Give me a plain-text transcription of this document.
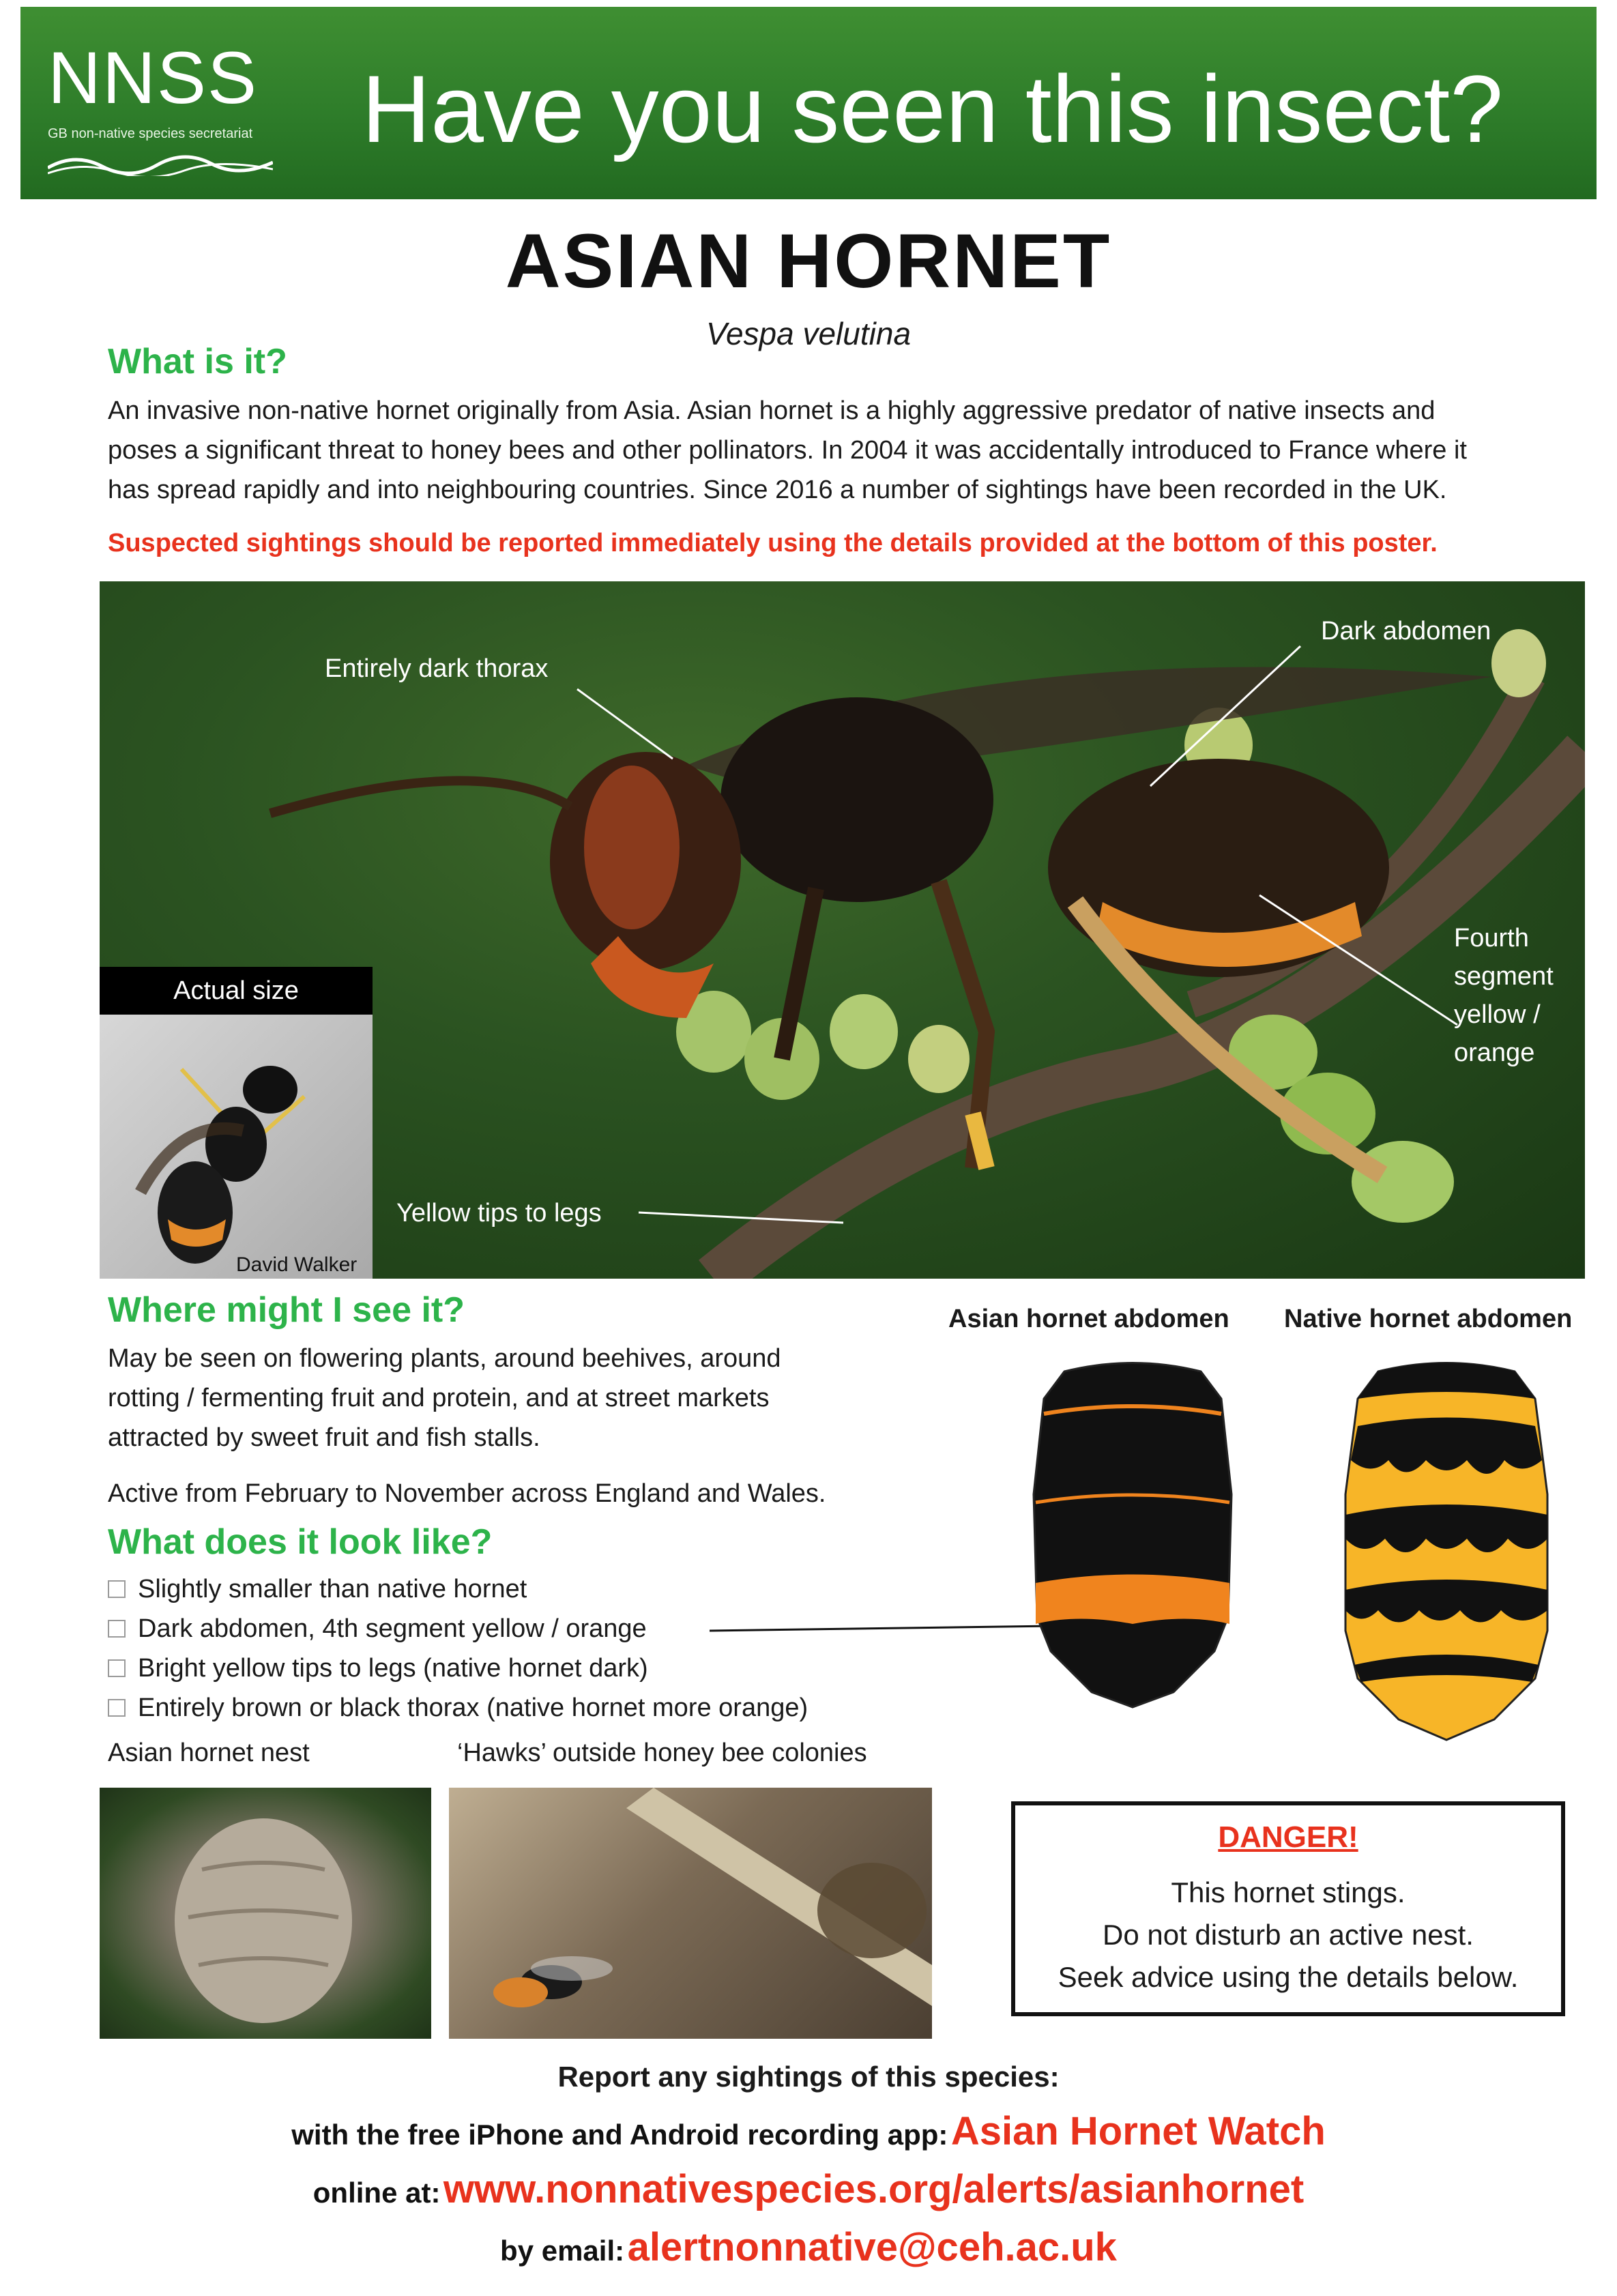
NNSS
GB non-native species secretariat Have you seen this insect?
ASIAN HORNET
Vespa velutina
What is it?
An invasive non-native hornet originally from Asia. Asian hornet is a highly aggressive predator of native insects and
poses a significant threat to honey bees and other pollinators. In 2004 it was accidentally introduced to France where it
has spread rapidly and into neighbouring countries. Since 2016 a number of sightings have been recorded in the UK.
Suspected sightings should be reported immediately using the details provided at the bottom of this poster.
Entirely dark thorax
Dark abdomen
Fourth
segment
yellow /
orange
Yellow tips to legs
Actual size
David Walker
Where might I see it?
May be seen on flowering plants, around beehives, around
rotting / fermenting fruit and protein, and at street markets
attracted by sweet fruit and fish stalls.
Active from February to November across England and Wales.
What does it look like?
Slightly smaller than native hornet
Dark abdomen, 4th segment yellow / orange
Bright yellow tips to legs (native hornet dark)
Entirely brown or black thorax (native hornet more orange)
Asian hornet abdomen Native hornet abdomen
Asian hornet nest	‘Hawks’ outside honey bee colonies
DANGER!
This hornet stings.
Do not disturb an active nest.
Seek advice using the details below.
Report any sightings of this species:
with the free iPhone and Android recording app: Asian Hornet Watch
online at: www.nonnativespecies.org/alerts/asianhornet
by email: alertnonnative@ceh.ac.uk
